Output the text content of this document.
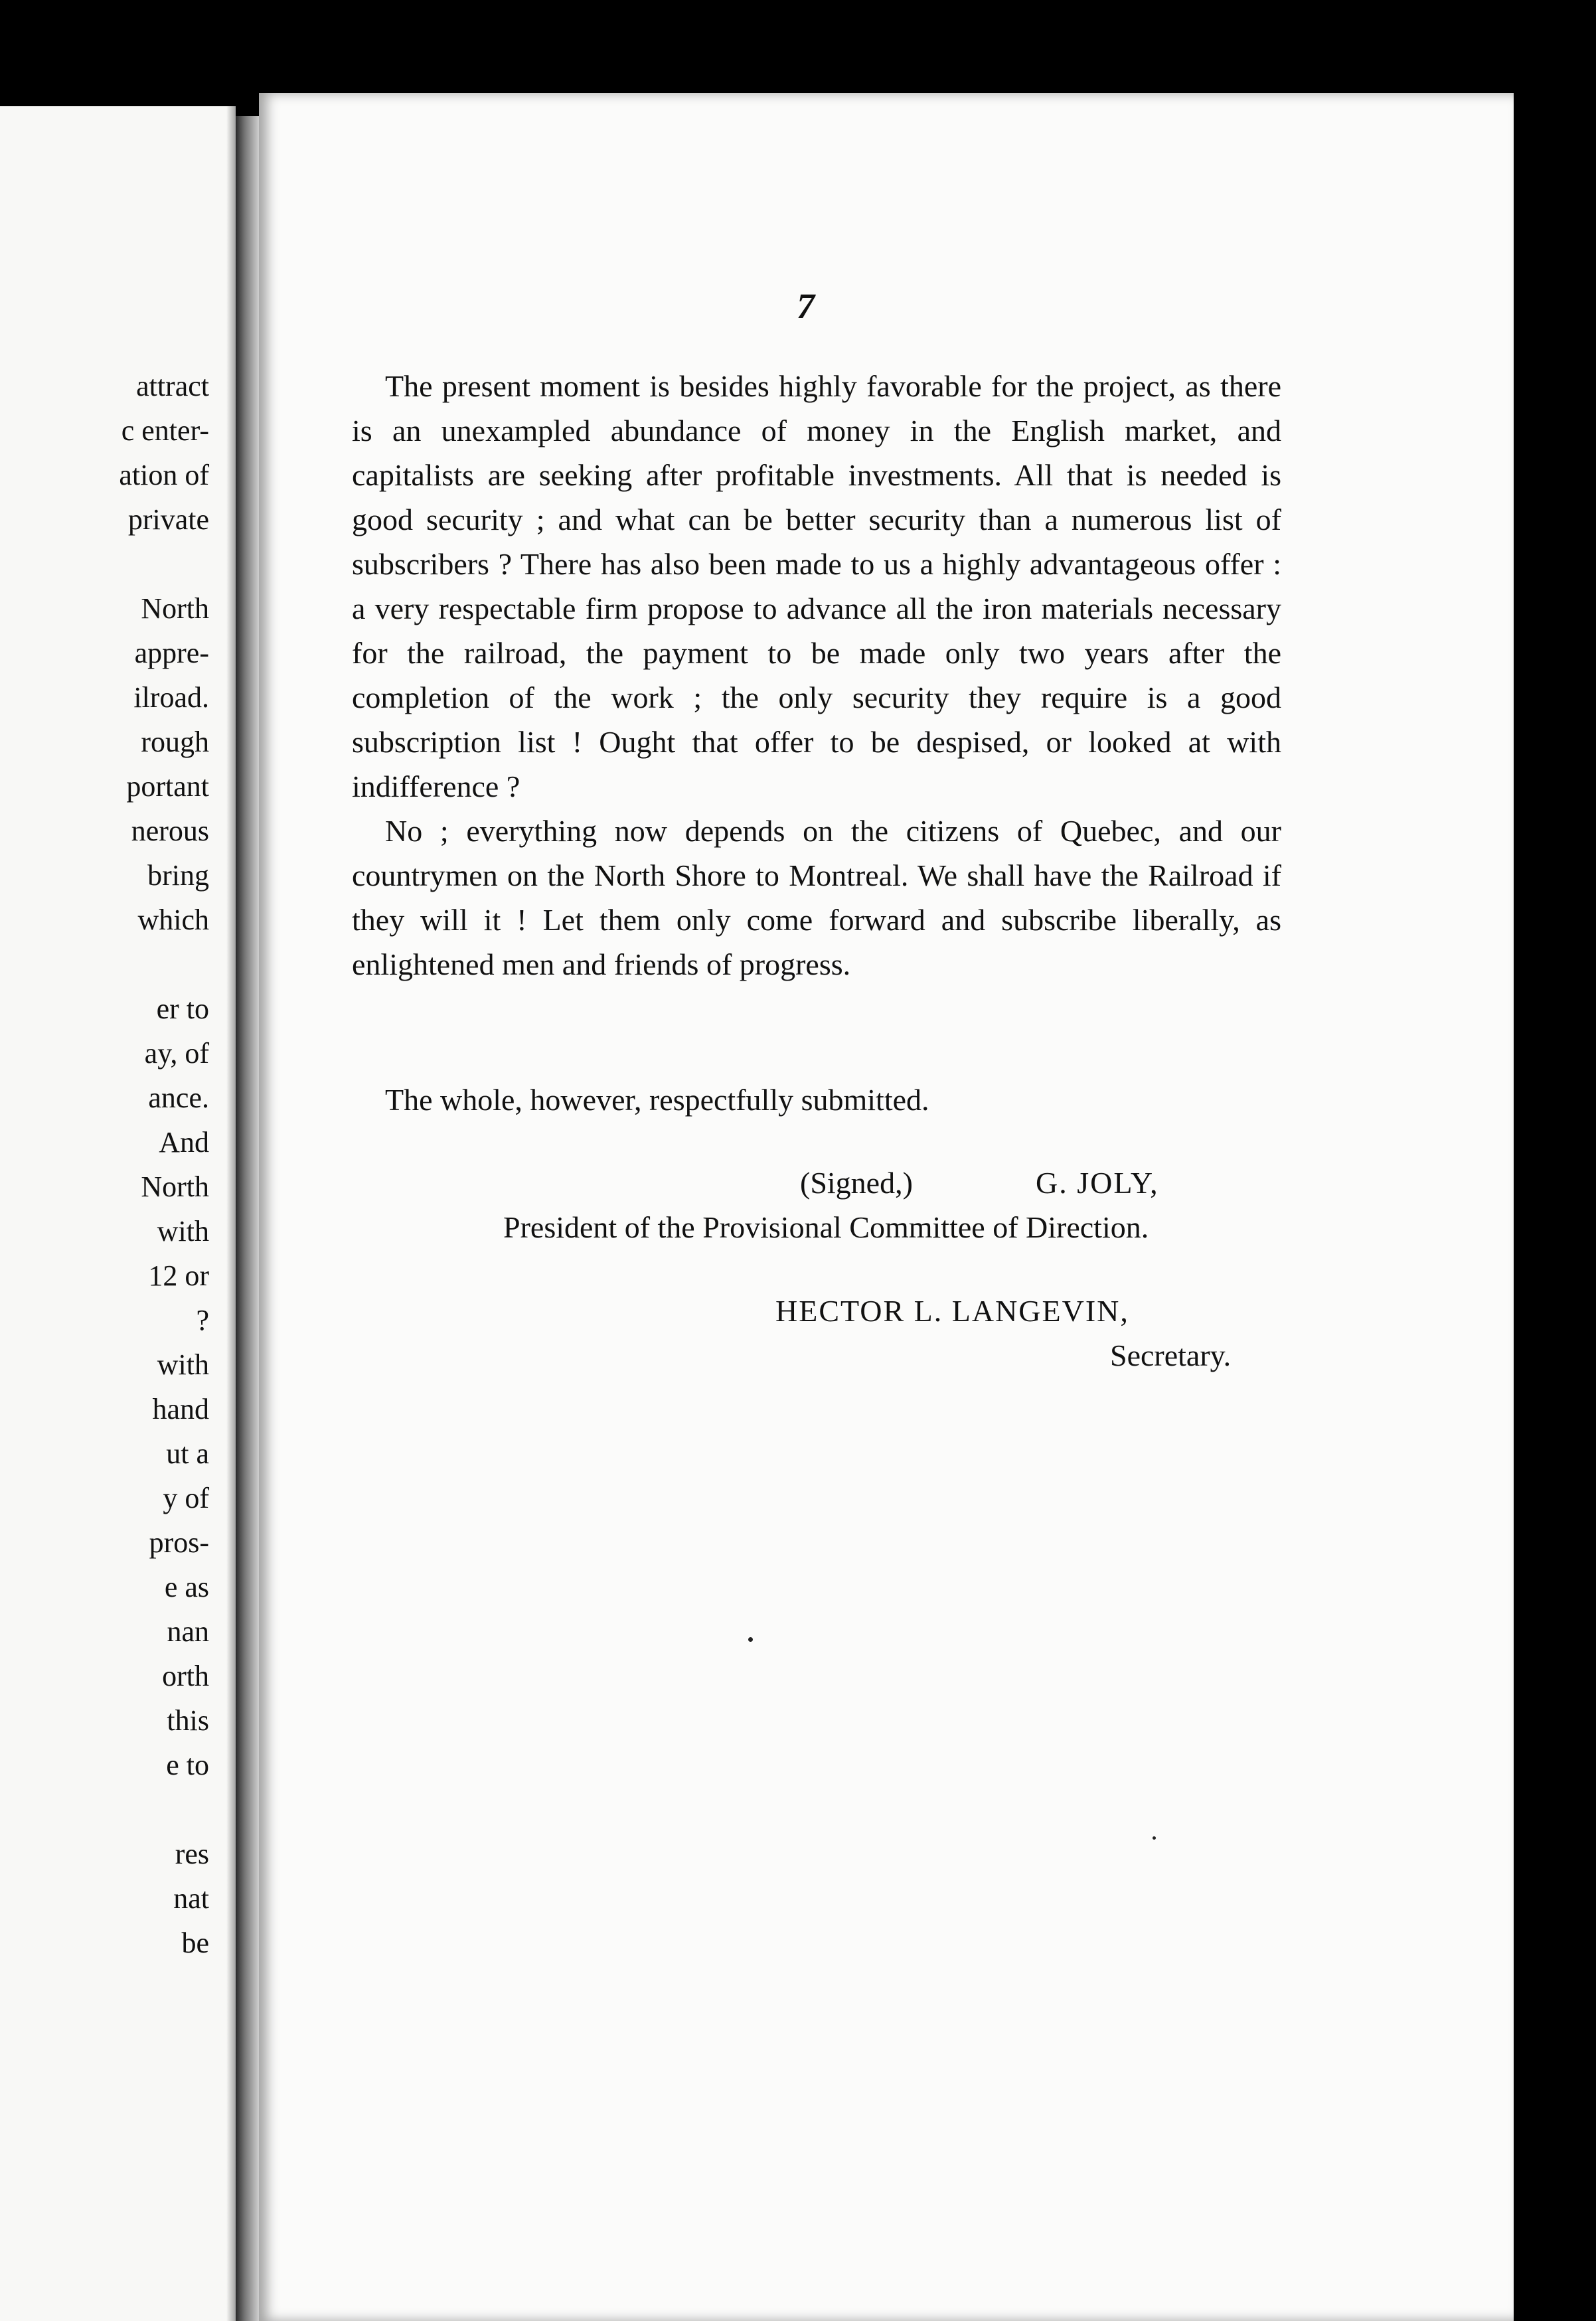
attract
c enter-
ation of
private
North
appre-
ilroad.
rough
portant
nerous
bring
which
er to
ay, of
ance.
And
North
with
12 or
?
with
hand
ut a
y of
pros-
e as
nan
orth
this
e to
res
nat
be
7

The present moment is besides highly favorable for the project, as there is an unexampled abundance of money in the English market, and capitalists are seeking after profitable investments. All that is needed is good security ; and what can be better security than a numerous list of subscribers ? There has also been made to us a highly advantageous offer : a very respectable firm propose to advance all the iron materials necessary for the railroad, the payment to be made only two years after the completion of the work ; the only security they require is a good subscription list ! Ought that offer to be despised, or looked at with indifference ?

No ; everything now depends on the citizens of Quebec, and our countrymen on the North Shore to Montreal. We shall have the Railroad if they will it ! Let them only come forward and subscribe liberally, as enlightened men and friends of progress.

The whole, however, respectfully submitted.
(Signed,)	G. JOLY,
President of the Provisional Committee of Direction.
HECTOR L. LANGEVIN,
Secretary.
